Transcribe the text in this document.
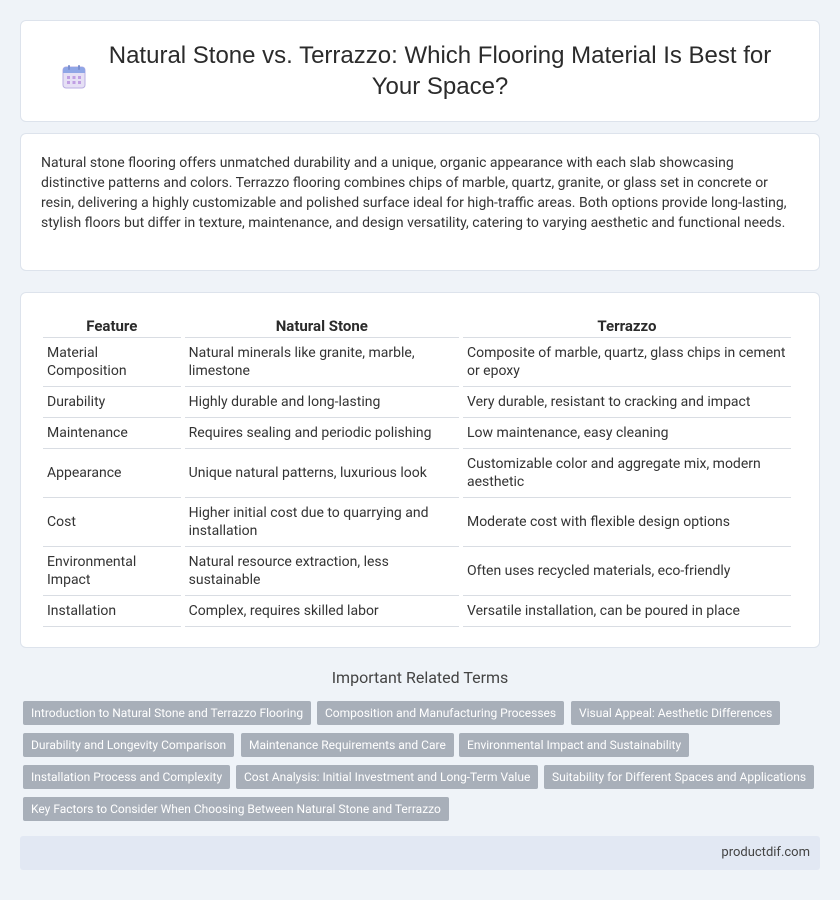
Natural Stone vs. Terrazzo: Which Flooring Material Is Best for Your Space?

Natural stone flooring offers unmatched durability and a unique, organic appearance with each slab showcasing distinctive patterns and colors. Terrazzo flooring combines chips of marble, quartz, granite, or glass set in concrete or resin, delivering a highly customizable and polished surface ideal for high-traffic areas. Both options provide long-lasting, stylish floors but differ in texture, maintenance, and design versatility, catering to varying aesthetic and functional needs.

Feature	Natural Stone	Terrazzo
Material Composition	Natural minerals like granite, marble, limestone	Composite of marble, quartz, glass chips in cement or epoxy
Durability	Highly durable and long-lasting	Very durable, resistant to cracking and impact
Maintenance	Requires sealing and periodic polishing	Low maintenance, easy cleaning
Appearance	Unique natural patterns, luxurious look	Customizable color and aggregate mix, modern aesthetic
Cost	Higher initial cost due to quarrying and installation	Moderate cost with flexible design options
Environmental Impact	Natural resource extraction, less sustainable	Often uses recycled materials, eco-friendly
Installation	Complex, requires skilled labor	Versatile installation, can be poured in place
Important Related Terms
Introduction to Natural Stone and Terrazzo Flooring	Composition and Manufacturing Processes	Visual Appeal: Aesthetic Differences
Durability and Longevity Comparison	Maintenance Requirements and Care	Environmental Impact and Sustainability
Installation Process and Complexity	Cost Analysis: Initial Investment and Long-Term Value	Suitability for Different Spaces and Applications
Key Factors to Consider When Choosing Between Natural Stone and Terrazzo
productdif.com
